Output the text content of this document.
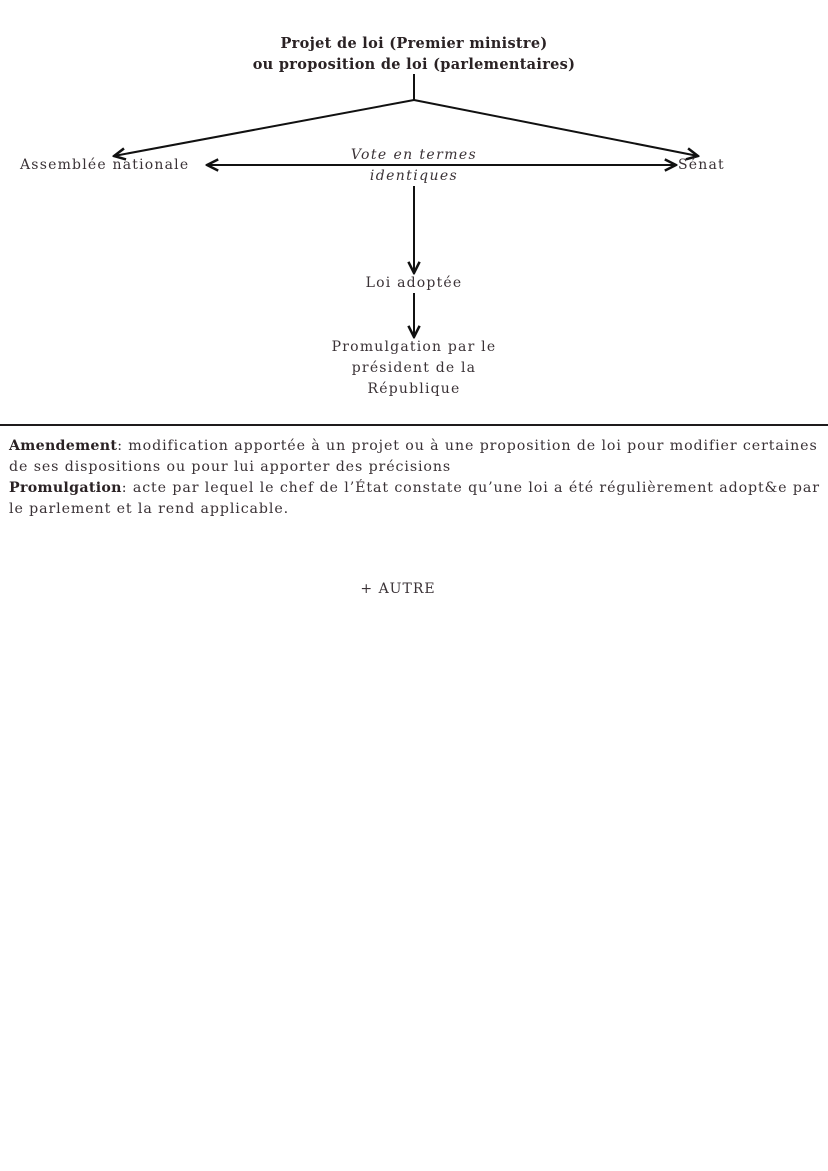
Projet de loi (Premier ministre)
ou proposition de loi (parlementaires)
Assemblée nationale	Sénat
Vote en termes
identiques
Loi adoptée
Promulgation par le
président de la
République
Amendement: modification apportée à un projet ou à une proposition de loi pour modifier certaines de ses dispositions ou pour lui apporter des précisions
Promulgation: acte par lequel le chef de l’État constate qu’une loi a été régulièrement adopt&e par le parlement et la rend applicable.
+ AUTRE
